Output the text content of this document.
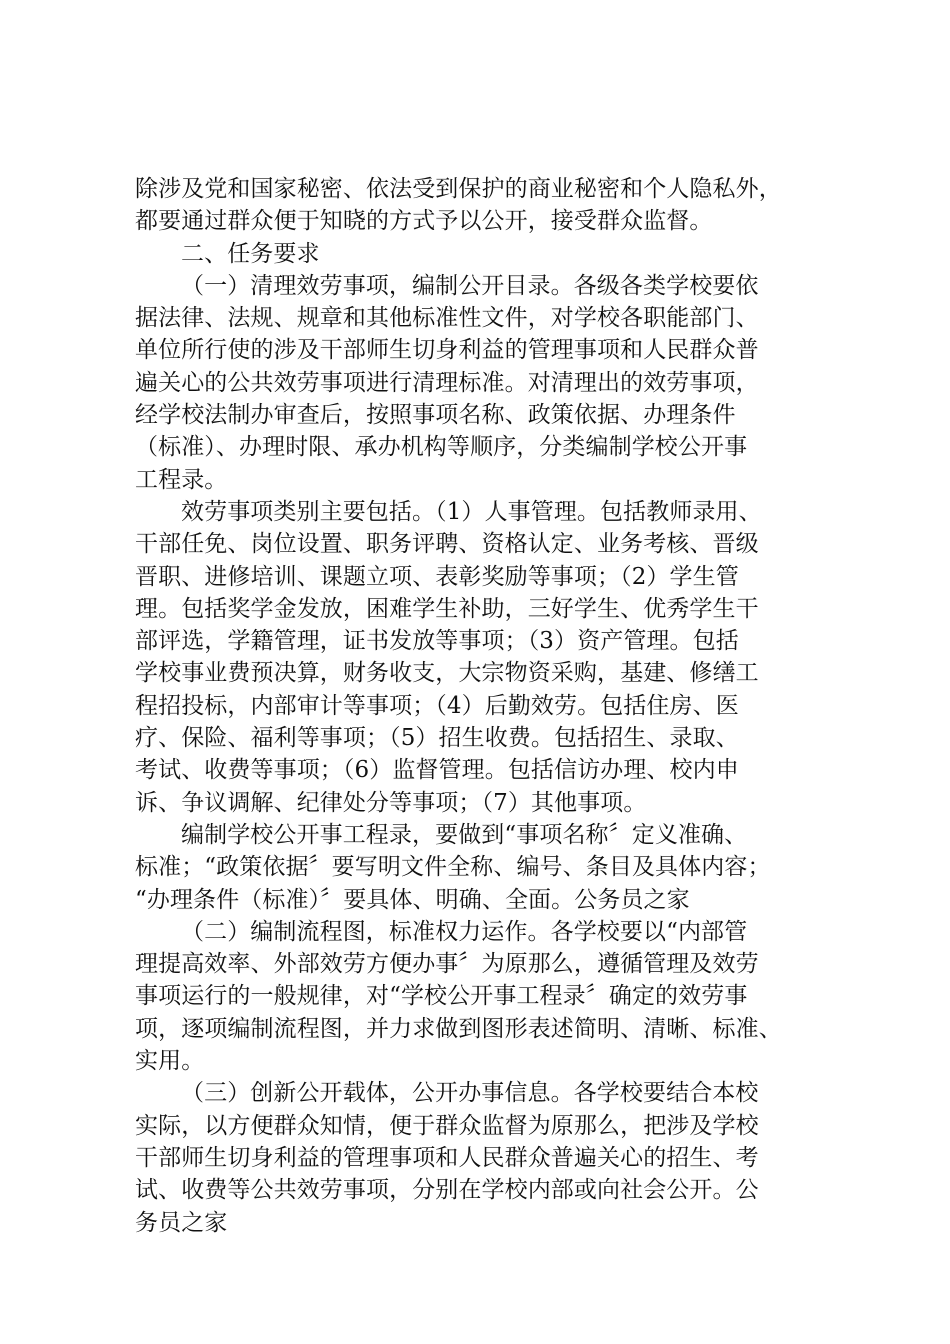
除涉及党和国家秘密、依法受到保护的商业秘密和个人隐私外，
都要通过群众便于知晓的方式予以公开，接受群众监督。
二、任务要求
（一）清理效劳事项，编制公开目录。各级各类学校要依
据法律、法规、规章和其他标准性文件，对学校各职能部门、
单位所行使的涉及干部师生切身利益的管理事项和人民群众普
遍关心的公共效劳事项进行清理标准。对清理出的效劳事项，
经学校法制办审查后，按照事项名称、政策依据、办理条件
（标准）、办理时限、承办机构等顺序，分类编制学校公开事
工程录。
效劳事项类别主要包括。（1）人事管理。包括教师录用、
干部任免、岗位设置、职务评聘、资格认定、业务考核、晋级
晋职、进修培训、课题立项、表彰奖励等事项；（2）学生管
理。包括奖学金发放，困难学生补助，三好学生、优秀学生干
部评选，学籍管理，证书发放等事项；（3）资产管理。包括
学校事业费预决算，财务收支，大宗物资采购，基建、修缮工
程招投标，内部审计等事项；（4）后勤效劳。包括住房、医
疗、保险、福利等事项；（5）招生收费。包括招生、录取、
考试、收费等事项；（6）监督管理。包括信访办理、校内申
诉、争议调解、纪律处分等事项；（7）其他事项。
编制学校公开事工程录，要做到“事项名称〞定义准确、
标准；“政策依据〞要写明文件全称、编号、条目及具体内容；
“办理条件（标准）〞要具体、明确、全面。公务员之家
（二）编制流程图，标准权力运作。各学校要以“内部管
理提高效率、外部效劳方便办事〞为原那么，遵循管理及效劳
事项运行的一般规律，对“学校公开事工程录〞确定的效劳事
项，逐项编制流程图，并力求做到图形表述简明、清晰、标准、
实用。
（三）创新公开载体，公开办事信息。各学校要结合本校
实际，以方便群众知情，便于群众监督为原那么，把涉及学校
干部师生切身利益的管理事项和人民群众普遍关心的招生、考
试、收费等公共效劳事项，分别在学校内部或向社会公开。公
务员之家
